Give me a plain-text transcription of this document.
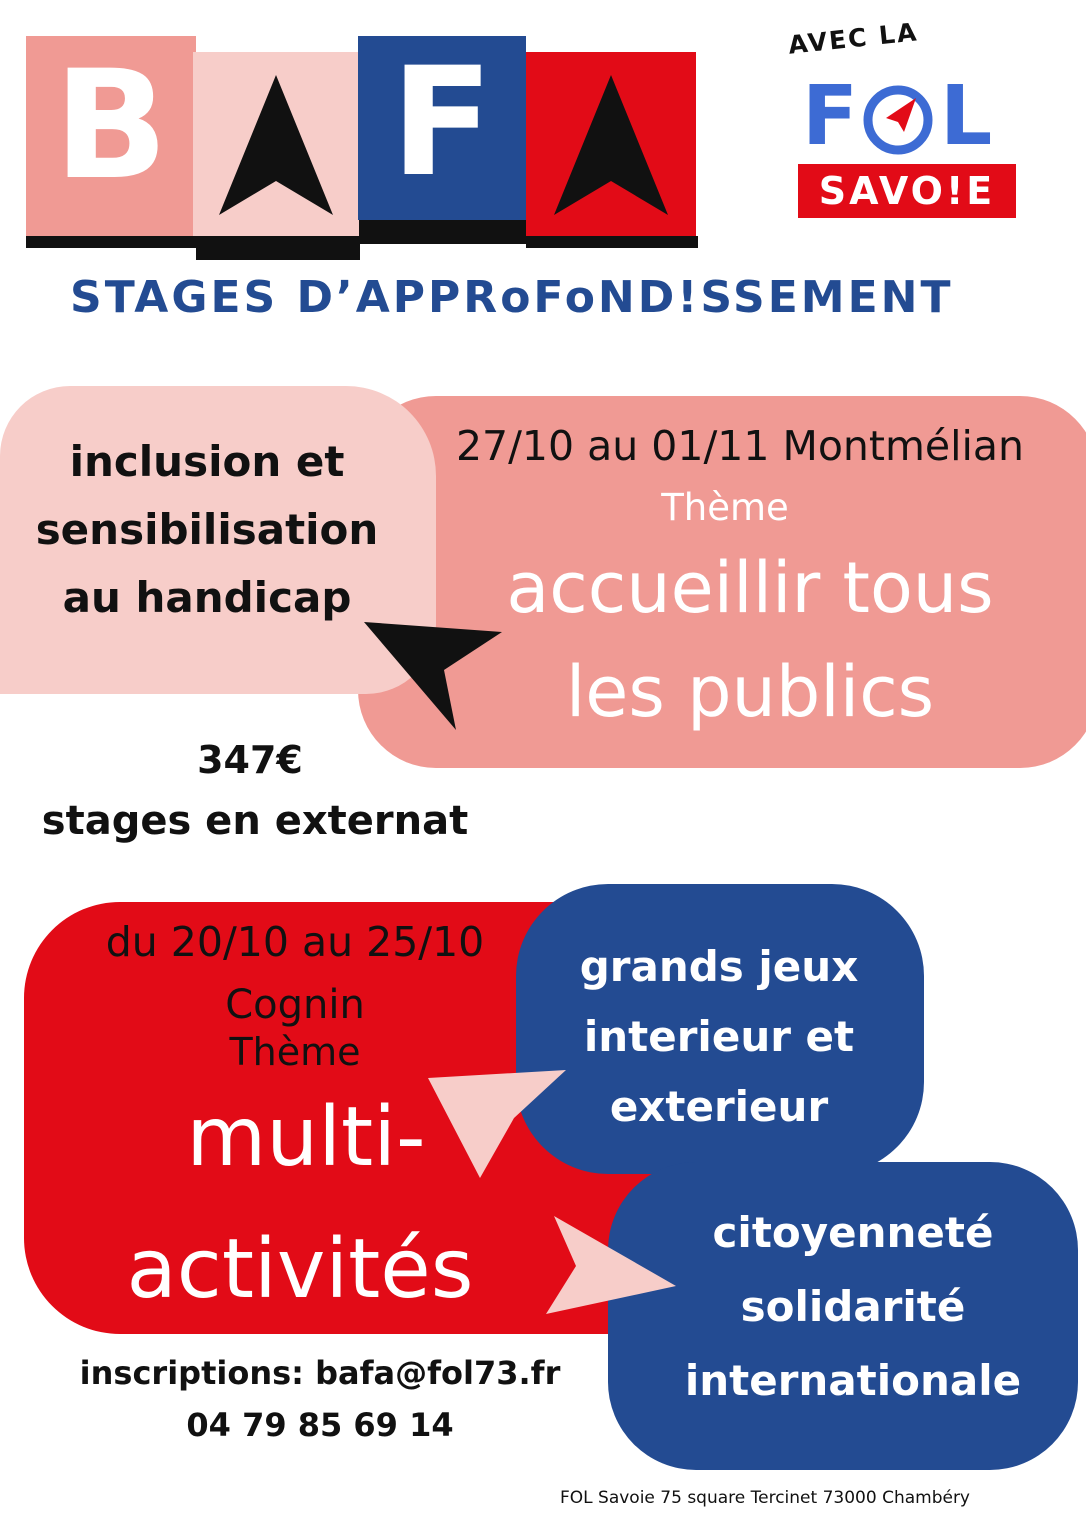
B F
STAGES D’APPRoFoND!SSEMENT
AVEC LA
F L
SAVO!E
inclusion et
sensibilisation
au handicap
27/10 au 01/11 Montmélian
Thème
accueillir tous
les publics
347€
stages en externat
du 20/10 au 25/10
Cognin
Thème
multi-
activités
grands jeux
interieur et
exterieur
citoyenneté
solidarité
internationale
inscriptions: bafa@fol73.fr
04 79 85 69 14
FOL Savoie 75 square Tercinet 73000 Chambéry
